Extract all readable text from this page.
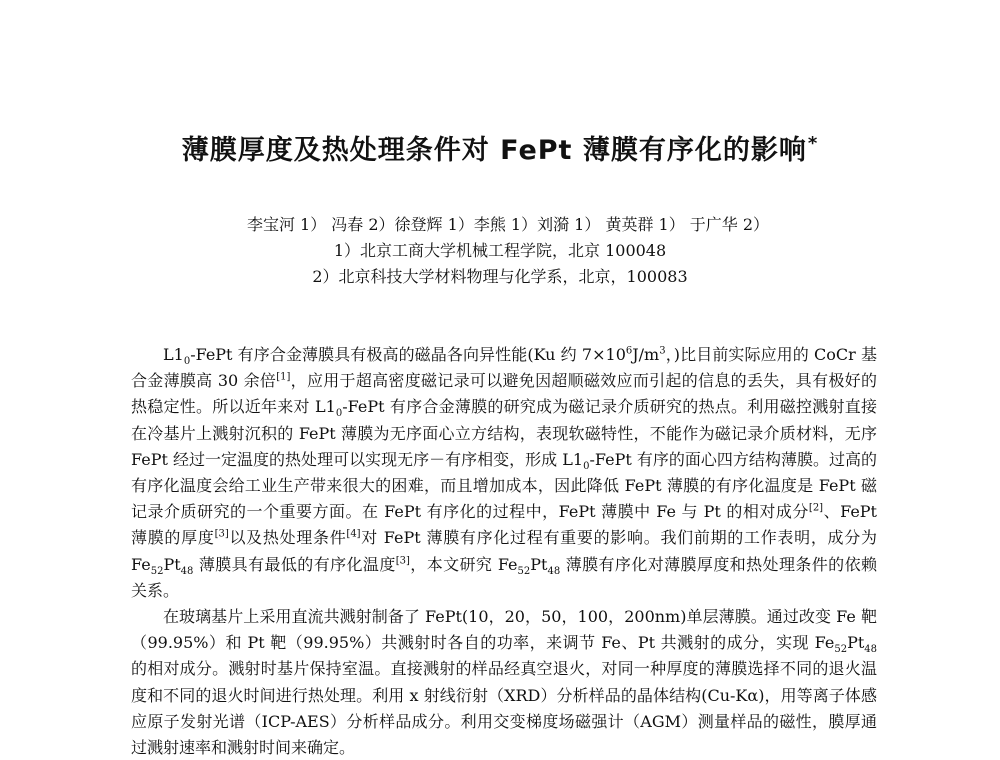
薄膜厚度及热处理条件对 FePt 薄膜有序化的影响*
李宝河 1） 冯春 2）徐登辉 1）李熊 1）刘漪 1） 黄英群 1） 于广华 2）
1）北京工商大学机械工程学院，北京 100048
2）北京科技大学材料物理与化学系，北京，100083

$L1_0$-FePt 有序合金薄膜具有极高的磁晶各向异性能(Ku 约 7×10$^6$J/m$^3$，)比目前实际应用的 CoCr 基合金薄膜高 30 余倍[1]，应用于超高密度磁记录可以避免因超顺磁效应而引起的信息的丢失，具有极好的热稳定性。所以近年来对 $L1_0$-FePt 有序合金薄膜的研究成为磁记录介质研究的热点。利用磁控溅射直接在冷基片上溅射沉积的 FePt 薄膜为无序面心立方结构，表现软磁特性，不能作为磁记录介质材料，无序 FePt 经过一定温度的热处理可以实现无序－有序相变，形成 $L1_0$-FePt 有序的面心四方结构薄膜。过高的有序化温度会给工业生产带来很大的困难，而且增加成本，因此降低 FePt 薄膜的有序化温度是 FePt 磁记录介质研究的一个重要方面。在 FePt 有序化的过程中，FePt 薄膜中 Fe 与 Pt 的相对成分[2]、FePt 薄膜的厚度[3]以及热处理条件[4]对 FePt 薄膜有序化过程有重要的影响。我们前期的工作表明，成分为 $Fe_{52}Pt_{48}$ 薄膜具有最低的有序化温度[3]，本文研究 $Fe_{52}Pt_{48}$ 薄膜有序化对薄膜厚度和热处理条件的依赖关系。

在玻璃基片上采用直流共溅射制备了 FePt(10，20，50，100，200nm)单层薄膜。通过改变 Fe 靶（99.95%）和 Pt 靶（99.95%）共溅射时各自的功率，来调节 Fe、Pt 共溅射的成分，实现 $Fe_{52}Pt_{48}$ 的相对成分。溅射时基片保持室温。直接溅射的样品经真空退火，对同一种厚度的薄膜选择不同的退火温度和不同的退火时间进行热处理。利用 x 射线衍射（XRD）分析样品的晶体结构(Cu-Kα)，用等离子体感应原子发射光谱（ICP-AES）分析样品成分。利用交变梯度场磁强计（AGM）测量样品的磁性，膜厚通过溅射速率和溅射时间来确定。
